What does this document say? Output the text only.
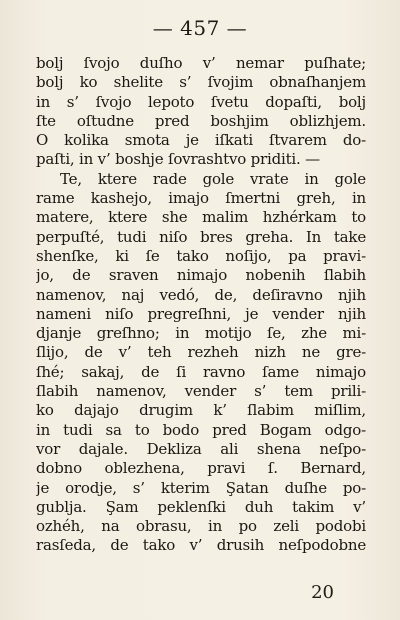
— 457 —
bolj ſvojo duſho v’ nemar puſhate;
bolj ko shelite s’ ſvojim obnaſhanjem
in s’ ſvojo lepoto ſvetu dopaſti, bolj
ſte oſtudne pred boshjim oblizhjem.
O kolika smota je iſkati ſtvarem do-
paſti, in v’ boshje ſovrashtvo priditi. —
Te, ktere rade gole vrate in gole
rame kashejo, imajo ſmertni greh, in
matere, ktere she malim hzhérkam to
perpuſté, tudi niſo bres greha. In take
shenſke, ki ſe tako noſijo, pa pravi-
jo, de sraven nimajo nobenih ſlabih
namenov, naj vedó, de, deſiravno njih
nameni niſo pregreſhni, je vender njih
djanje greſhno; in motijo ſe, zhe mi-
ſlijo, de v’ teh rezheh nizh ne gre-
ſhé; sakaj, de ſi ravno ſame nimajo
ſlabih namenov, vender s’ tem prili-
ko dajajo drugim k’ ſlabim miſlim,
in tudi sa to bodo pred Bogam odgo-
vor dajale. Dekliza ali shena neſpo-
dobno oblezhena, pravi ſ. Bernard,
je orodje, s’ kterim Şatan duſhe po-
gublja. Şam peklenſki duh takim v’
ozhéh, na obrasu, in po zeli podobi
rasſeda, de tako v’ drusih neſpodobne
20
